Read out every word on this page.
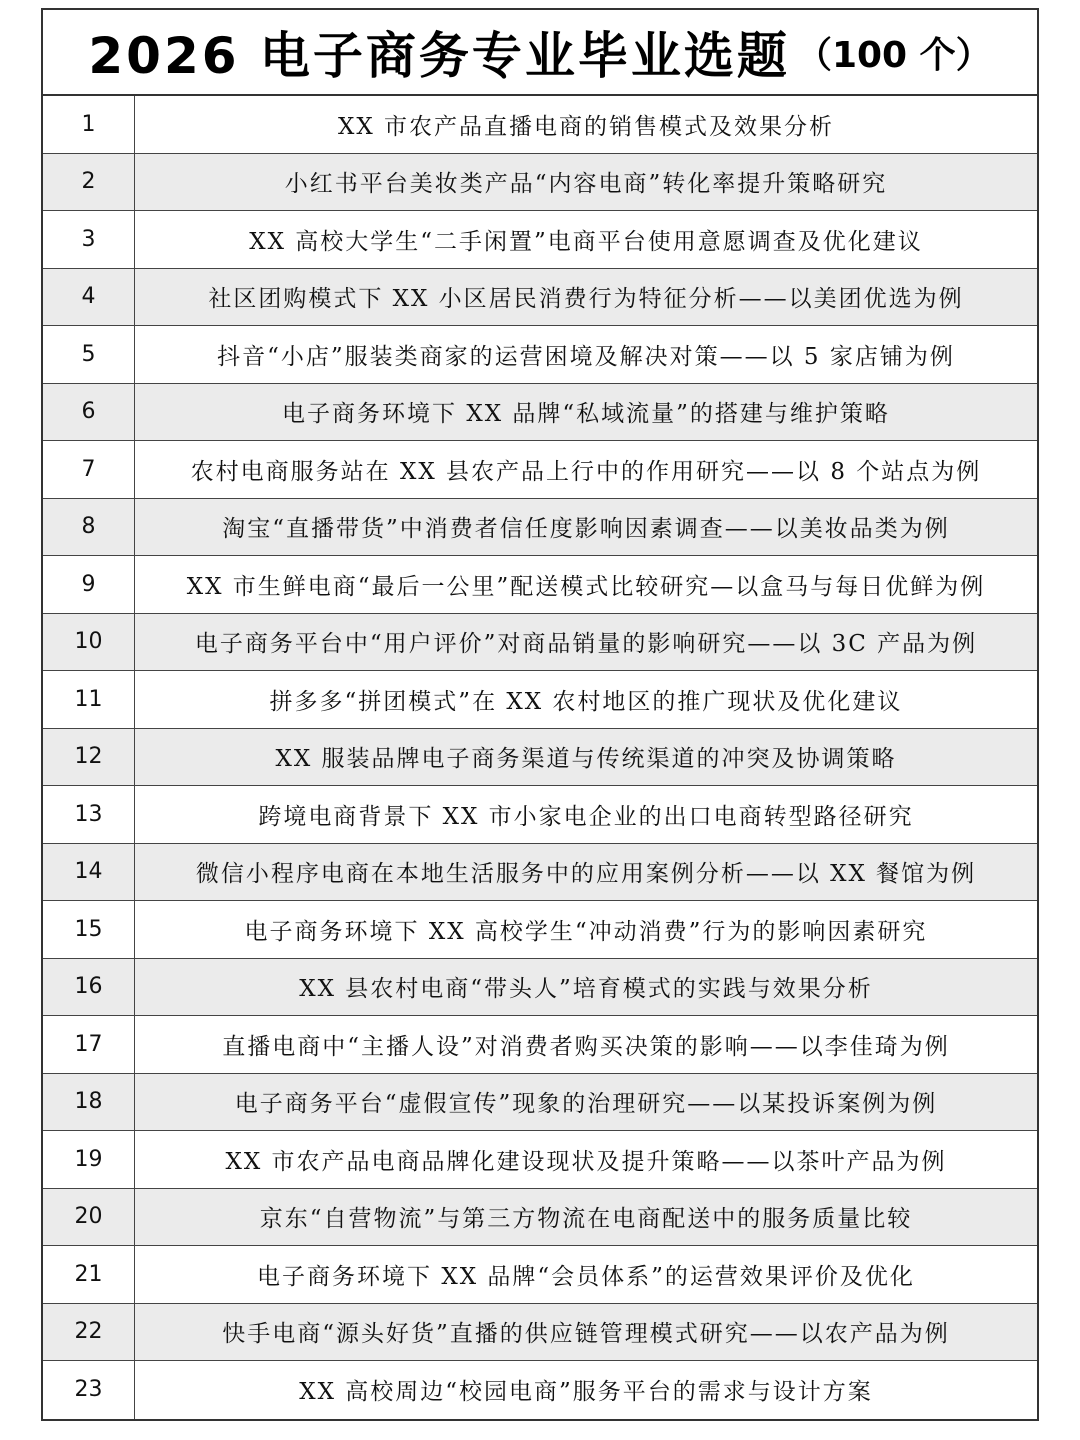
2026 电子商务专业毕业选题 （100 个）
1	XX 市农产品直播电商的销售模式及效果分析
2	小红书平台美妆类产品“内容电商”转化率提升策略研究
3	XX 高校大学生“二手闲置”电商平台使用意愿调查及优化建议
4	社区团购模式下 XX 小区居民消费行为特征分析——以美团优选为例
5	抖音“小店”服装类商家的运营困境及解决对策——以 5 家店铺为例
6	电子商务环境下 XX 品牌“私域流量”的搭建与维护策略
7	农村电商服务站在 XX 县农产品上行中的作用研究——以 8 个站点为例
8	淘宝“直播带货”中消费者信任度影响因素调查——以美妆品类为例
9	XX 市生鲜电商“最后一公里”配送模式比较研究—以盒马与每日优鲜为例
10	电子商务平台中“用户评价”对商品销量的影响研究——以 3C 产品为例
11	拼多多“拼团模式”在 XX 农村地区的推广现状及优化建议
12	XX 服装品牌电子商务渠道与传统渠道的冲突及协调策略
13	跨境电商背景下 XX 市小家电企业的出口电商转型路径研究
14	微信小程序电商在本地生活服务中的应用案例分析——以 XX 餐馆为例
15	电子商务环境下 XX 高校学生“冲动消费”行为的影响因素研究
16	XX 县农村电商“带头人”培育模式的实践与效果分析
17	直播电商中“主播人设”对消费者购买决策的影响——以李佳琦为例
18	电子商务平台“虚假宣传”现象的治理研究——以某投诉案例为例
19	XX 市农产品电商品牌化建设现状及提升策略——以茶叶产品为例
20	京东“自营物流”与第三方物流在电商配送中的服务质量比较
21	电子商务环境下 XX 品牌“会员体系”的运营效果评价及优化
22	快手电商“源头好货”直播的供应链管理模式研究——以农产品为例
23	XX 高校周边“校园电商”服务平台的需求与设计方案
